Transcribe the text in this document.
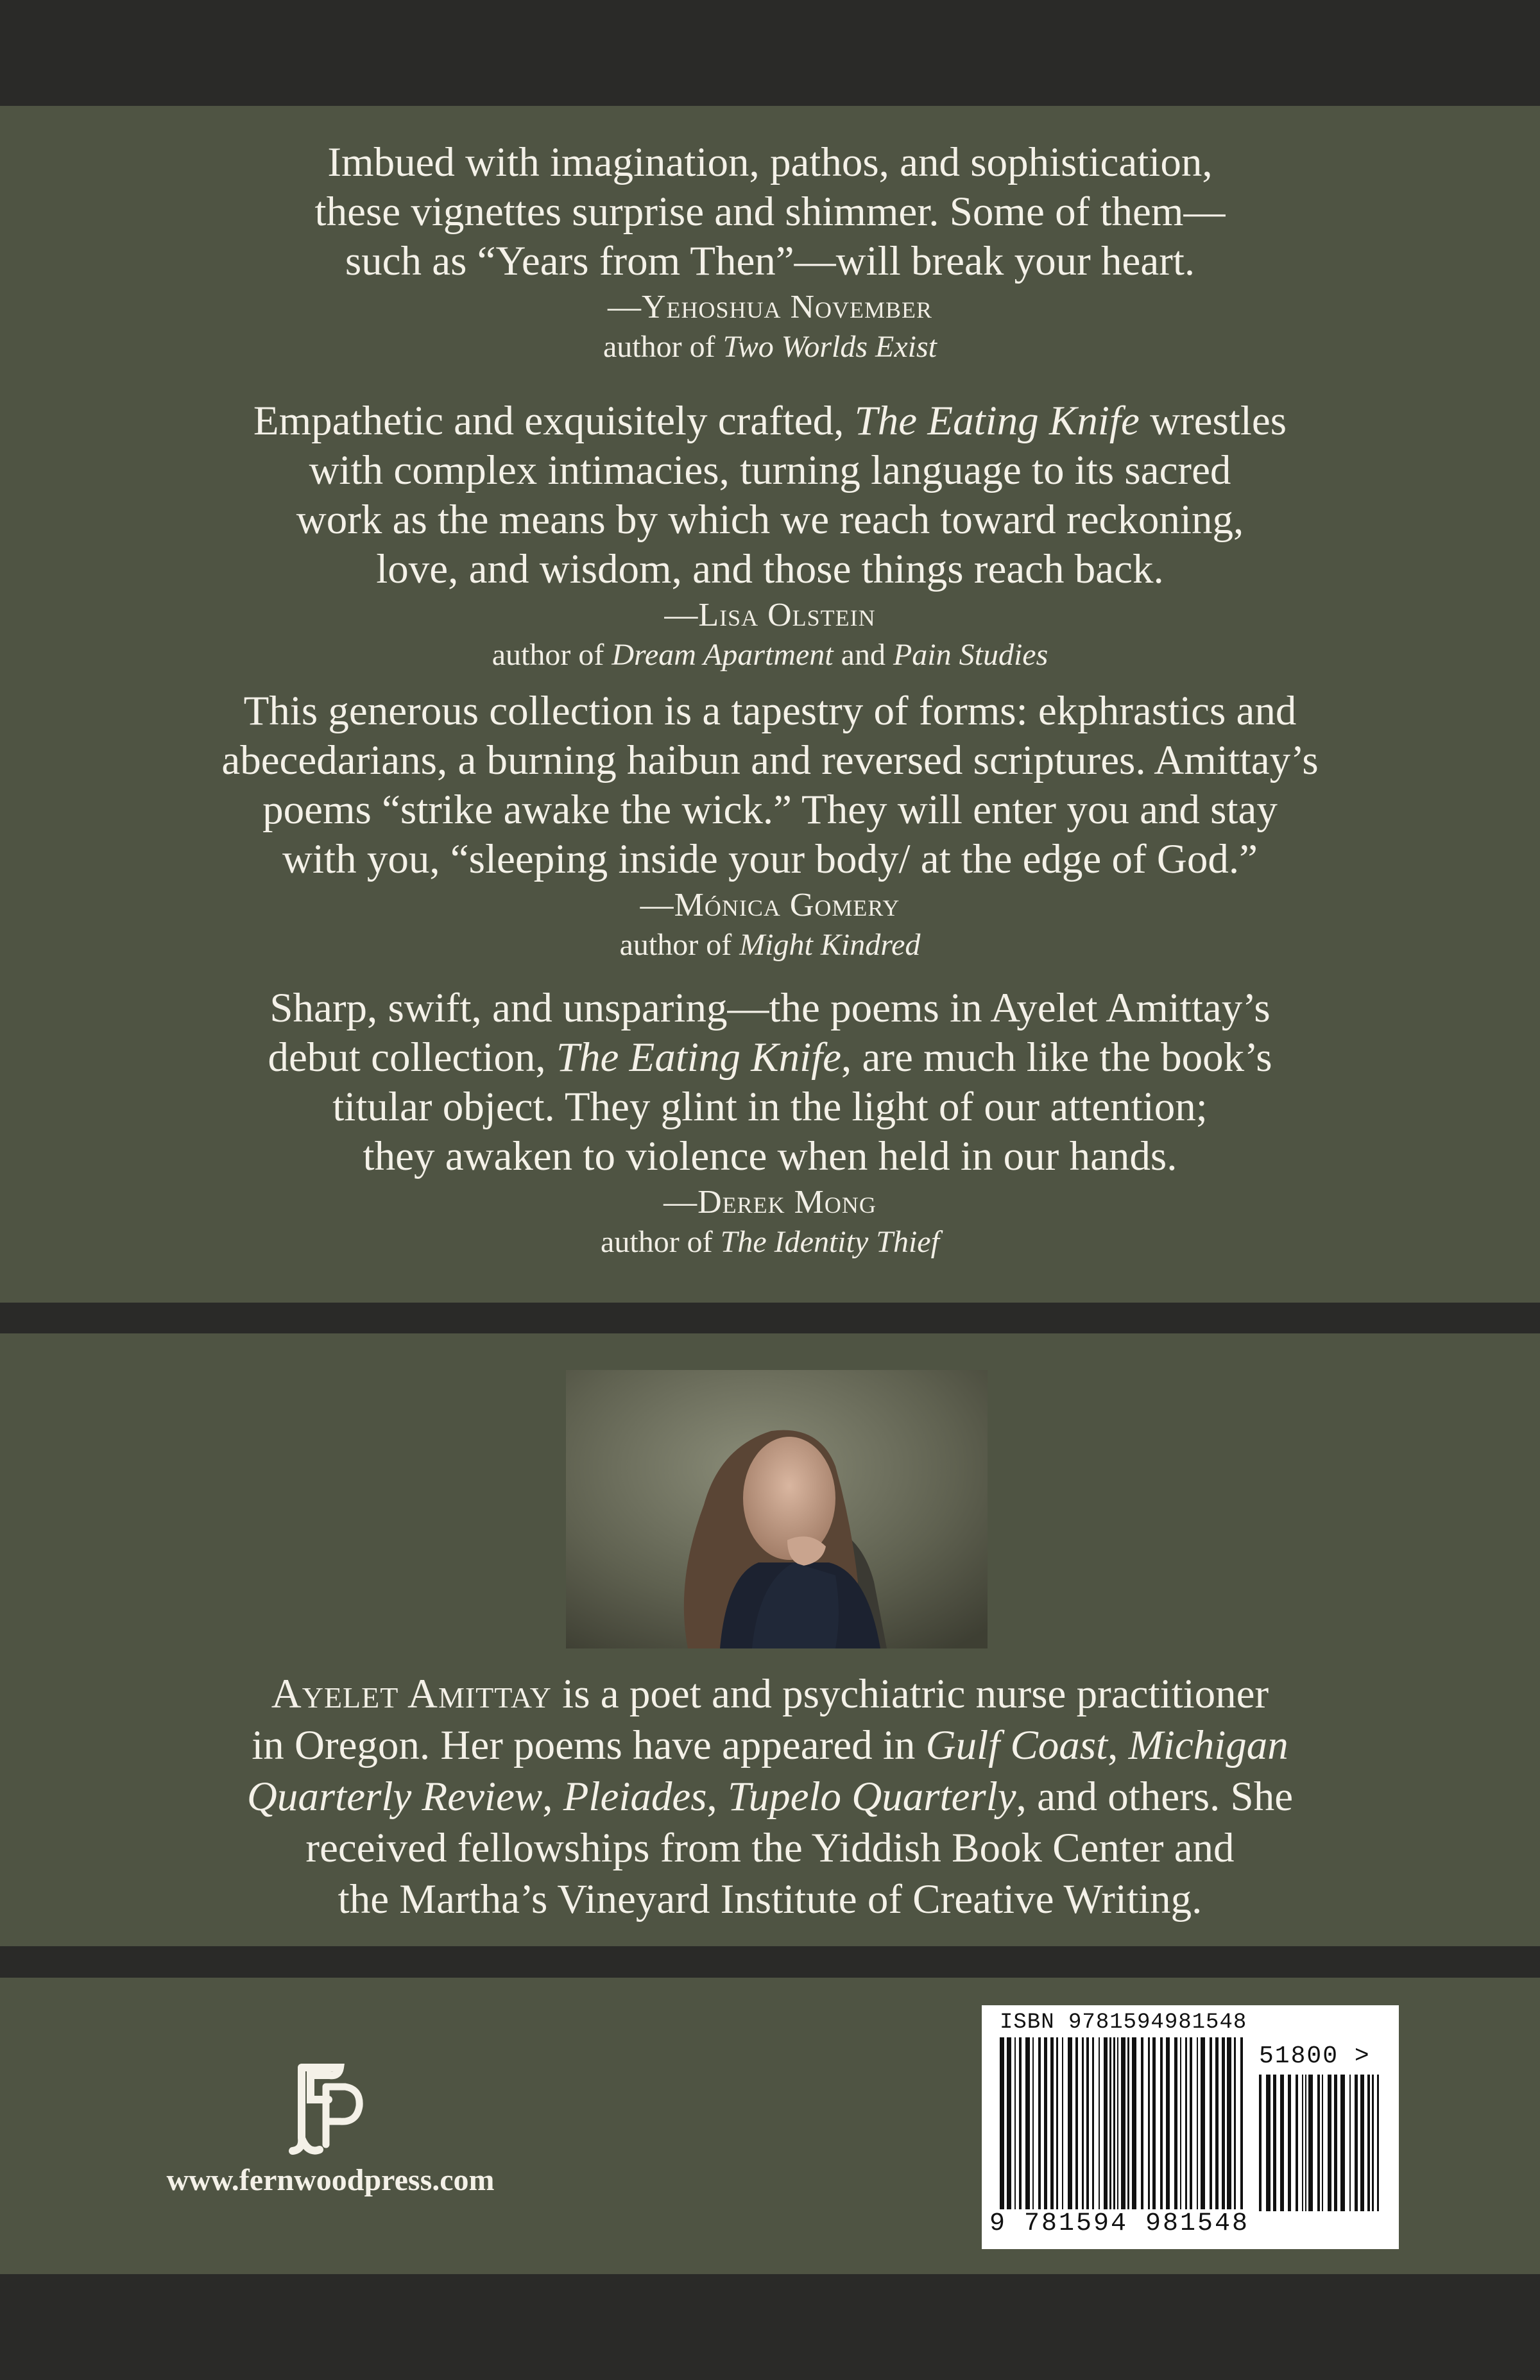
Imbued with imagination, pathos, and sophistication,
these vignettes surprise and shimmer. Some of them—
such as “Years from Then”—will break your heart.
—Yehoshua November
author of Two Worlds Exist
Empathetic and exquisitely crafted, The Eating Knife wrestles
with complex intimacies, turning language to its sacred
work as the means by which we reach toward reckoning,
love, and wisdom, and those things reach back.
—Lisa Olstein
author of Dream Apartment and Pain Studies
This generous collection is a tapestry of forms: ekphrastics and
abecedarians, a burning haibun and reversed scriptures. Amittay’s
poems “strike awake the wick.” They will enter you and stay
with you, “sleeping inside your body/ at the edge of God.”
—Mónica Gomery
author of Might Kindred
Sharp, swift, and unsparing—the poems in Ayelet Amittay’s
debut collection, The Eating Knife, are much like the book’s
titular object. They glint in the light of our attention;
they awaken to violence when held in our hands.
—Derek Mong
author of The Identity Thief
Ayelet Amittay is a poet and psychiatric nurse practitioner
in Oregon. Her poems have appeared in Gulf Coast, Michigan
Quarterly Review, Pleiades, Tupelo Quarterly, and others. She
received fellowships from the Yiddish Book Center and
the Martha’s Vineyard Institute of Creative Writing.
www.fernwoodpress.com
ISBN 9781594981548
51800 >
9 781594 981548
